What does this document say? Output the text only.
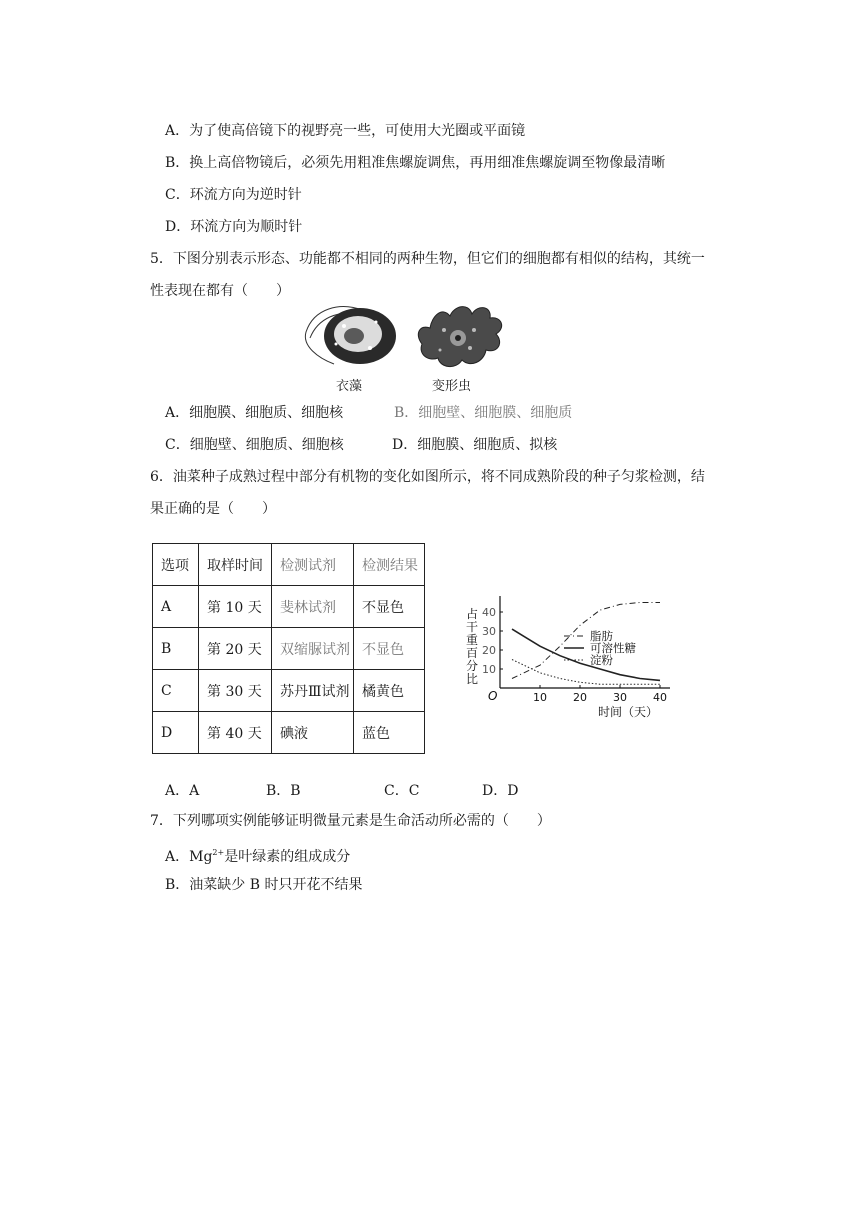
A．为了使高倍镜下的视野亮一些，可使用大光圈或平面镜
B．换上高倍物镜后，必须先用粗准焦螺旋调焦，再用细准焦螺旋调至物像最清晰
C．环流方向为逆时针
D．环流方向为顺时针
5．下图分别表示形态、功能都不相同的两种生物，但它们的细胞都有相似的结构，其统一
性表现在都有（　　）
衣藻	变形虫
A．细胞膜、细胞质、细胞核	B．细胞壁、细胞膜、细胞质
C．细胞壁、细胞质、细胞核	D．细胞膜、细胞质、拟核
6．油菜种子成熟过程中部分有机物的变化如图所示，将不同成熟阶段的种子匀浆检测，结
果正确的是（　　）
选项	取样时间	检测试剂	检测结果
A	第 10 天	斐林试剂	不显色
B	第 20 天	双缩脲试剂	不显色
C	第 30 天	苏丹Ⅲ试剂	橘黄色
D	第 40 天	碘液	蓝色
占
干
重
百
分
比
10 20 30 40
10
20
30
40
脂肪
可溶性糖
淀粉
O
时间（天）
A．A	B．B	C．C	D．D
7．下列哪项实例能够证明微量元素是生命活动所必需的（　　）
A．$Mg^{2+}$是叶绿素的组成成分
B．油菜缺少 B 时只开花不结果
